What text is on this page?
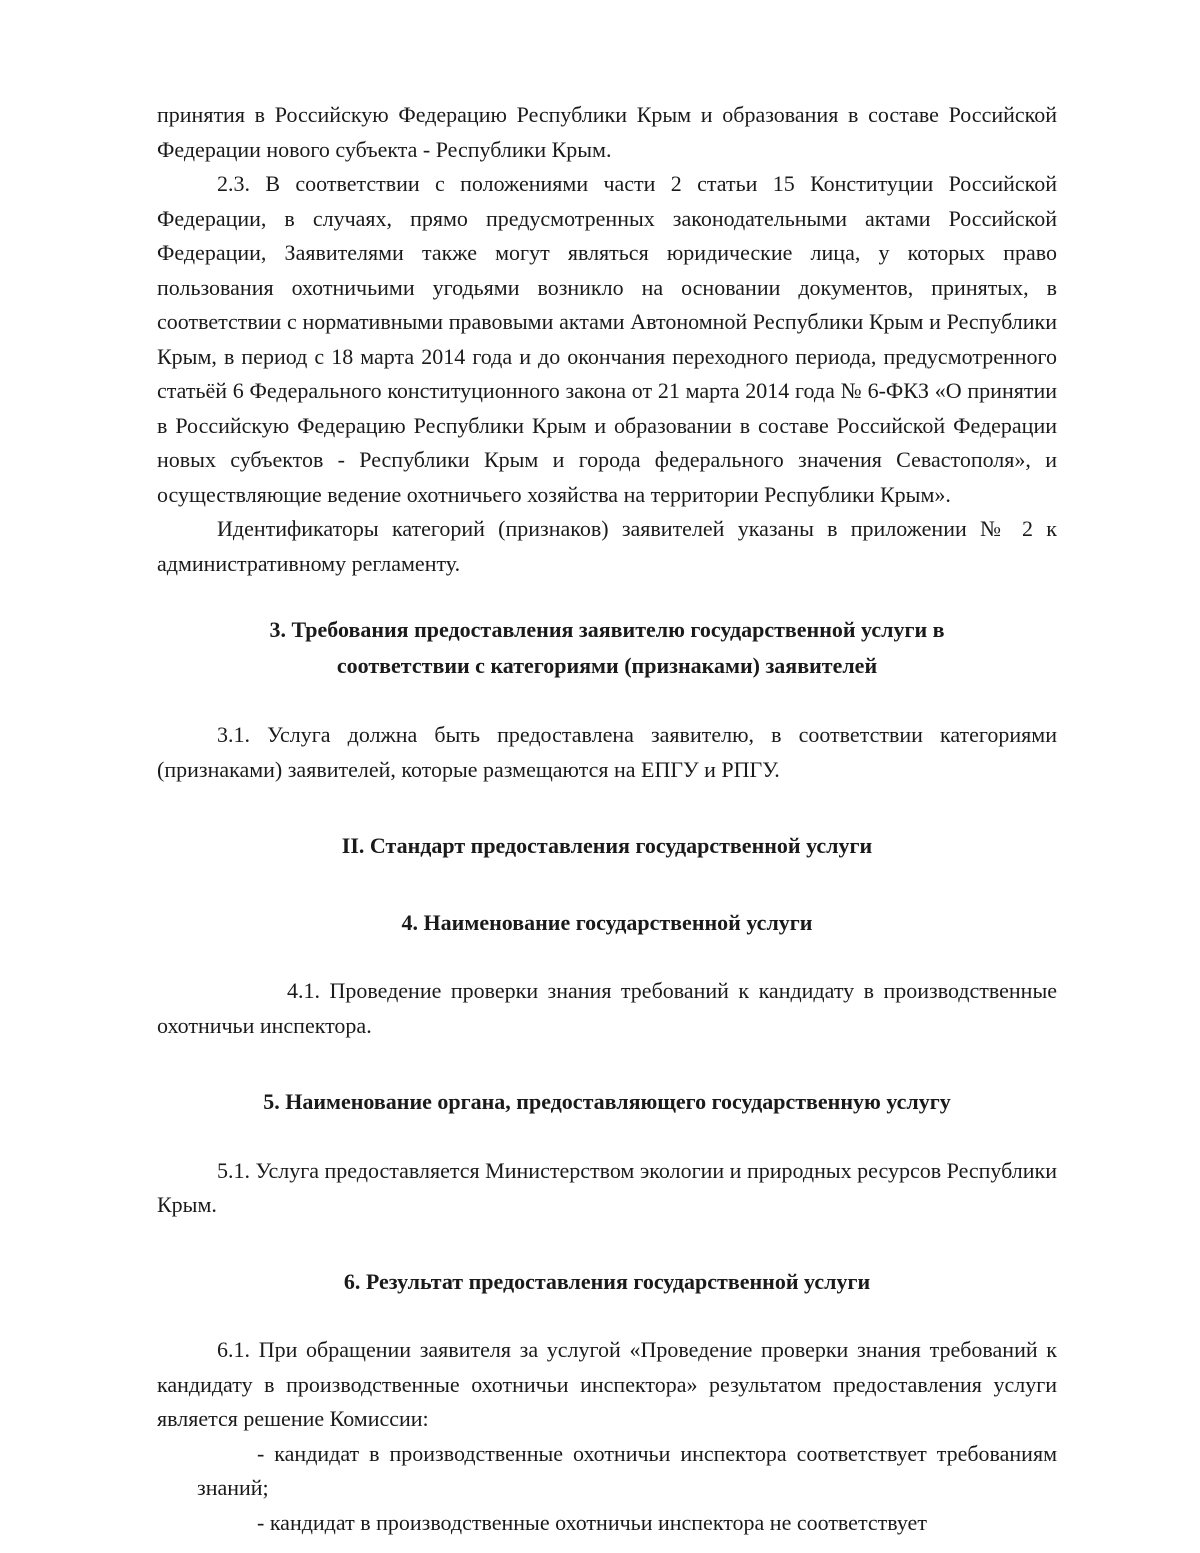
принятия в Российскую Федерацию Республики Крым и образования в составе Российской Федерации нового субъекта - Республики Крым.

2.3. В соответствии с положениями части 2 статьи 15 Конституции Российской Федерации, в случаях, прямо предусмотренных законодательными актами Российской Федерации, Заявителями также могут являться юридические лица, у которых право пользования охотничьими угодьями возникло на основании документов, принятых, в соответствии с нормативными правовыми актами Автономной Республики Крым и Республики Крым, в период с 18 марта 2014 года и до окончания переходного периода, предусмотренного статьёй 6 Федерального конституционного закона от 21 марта 2014 года № 6-ФКЗ «О принятии в Российскую Федерацию Республики Крым и образовании в составе Российской Федерации новых субъектов - Республики Крым и города федерального значения Севастополя», и осуществляющие ведение охотничьего хозяйства на территории Республики Крым».

Идентификаторы категорий (признаков) заявителей указаны в приложении № 2 к административному регламенту.

3. Требования предоставления заявителю государственной услуги в
соответствии с категориями (признаками) заявителей

3.1. Услуга должна быть предоставлена заявителю, в соответствии категориями (признаками) заявителей, которые размещаются на ЕПГУ и РПГУ.

II. Стандарт предоставления государственной услуги
4. Наименование государственной услуги

4.1. Проведение проверки знания требований к кандидату в производственные охотничьи инспектора.

5. Наименование органа, предоставляющего государственную услугу

5.1. Услуга предоставляется Министерством экологии и природных ресурсов Республики Крым.

6. Результат предоставления государственной услуги

6.1. При обращении заявителя за услугой «Проведение проверки знания требований к кандидату в производственные охотничьи инспектора» результатом предоставления услуги является решение Комиссии:

- кандидат в производственные охотничьи инспектора соответствует требованиям знаний;

- кандидат в производственные охотничьи инспектора не соответствует
